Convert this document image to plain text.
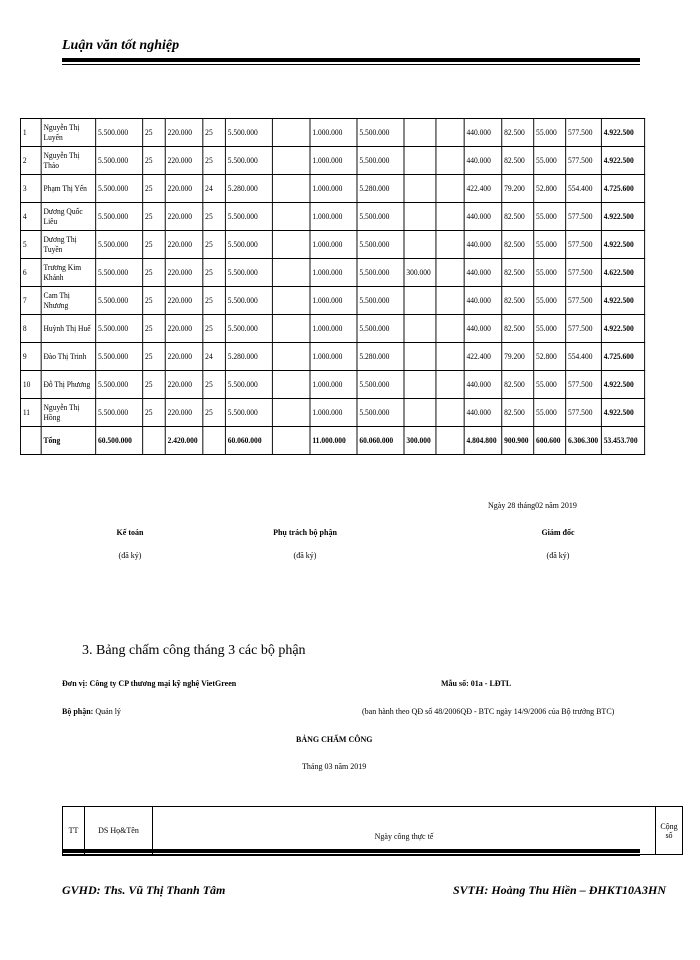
Luận văn tốt nghiệp
1	Nguyễn Thị Luyến	5.500.000	25	220.000	25	5.500.000		1.000.000	5.500.000			440.000	82.500	55.000	577.500	4.922.500
2	Nguyễn Thị Thảo	5.500.000	25	220.000	25	5.500.000		1.000.000	5.500.000			440.000	82.500	55.000	577.500	4.922.500
3	Phạm Thị Yến	5.500.000	25	220.000	24	5.280.000		1.000.000	5.280.000			422.400	79.200	52.800	554.400	4.725.600
4	Dương Quốc Liêu	5.500.000	25	220.000	25	5.500.000		1.000.000	5.500.000			440.000	82.500	55.000	577.500	4.922.500
5	Dương Thị Tuyền	5.500.000	25	220.000	25	5.500.000		1.000.000	5.500.000			440.000	82.500	55.000	577.500	4.922.500
6	Trương Kim Khánh	5.500.000	25	220.000	25	5.500.000		1.000.000	5.500.000	300.000		440.000	82.500	55.000	577.500	4.622.500
7	Cam Thị Nhương	5.500.000	25	220.000	25	5.500.000		1.000.000	5.500.000			440.000	82.500	55.000	577.500	4.922.500
8	Huỳnh Thị Huế	5.500.000	25	220.000	25	5.500.000		1.000.000	5.500.000			440.000	82.500	55.000	577.500	4.922.500
9	Đào Thị Trinh	5.500.000	25	220.000	24	5.280.000		1.000.000	5.280.000			422.400	79.200	52.800	554.400	4.725.600
10	Đỗ Thị Phương	5.500.000	25	220.000	25	5.500.000		1.000.000	5.500.000			440.000	82.500	55.000	577.500	4.922.500
11	Nguyễn Thị Hồng	5.500.000	25	220.000	25	5.500.000		1.000.000	5.500.000			440.000	82.500	55.000	577.500	4.922.500
	Tổng	60.500.000		2.420.000		60.060.000		11.000.000	60.060.000	300.000		4.804.800	900.900	600.600	6.306.300	53.453.700
Ngày 28 tháng02 năm 2019
Kế toán
(đã ký)
Phụ trách bộ phận
(đã ký)
Giám đốc
(đã ký)
3. Bảng chấm công tháng 3 các bộ phận
Đơn vị: Công ty CP thương mại kỹ nghệ VietGreen	Mẫu số: 01a - LĐTL
Bộ phận: Quản lý	(ban hành theo QĐ số 48/2006QĐ - BTC ngày 14/9/2006 của Bộ trưởng BTC)
BẢNG CHẤM CÔNG
Tháng 03 năm 2019
TT	DS Họ&Tên	Ngày công thực tế	Cộng số
GVHD: Ths. Vũ Thị Thanh Tâm	SVTH: Hoàng Thu Hiền – ĐHKT10A3HN
